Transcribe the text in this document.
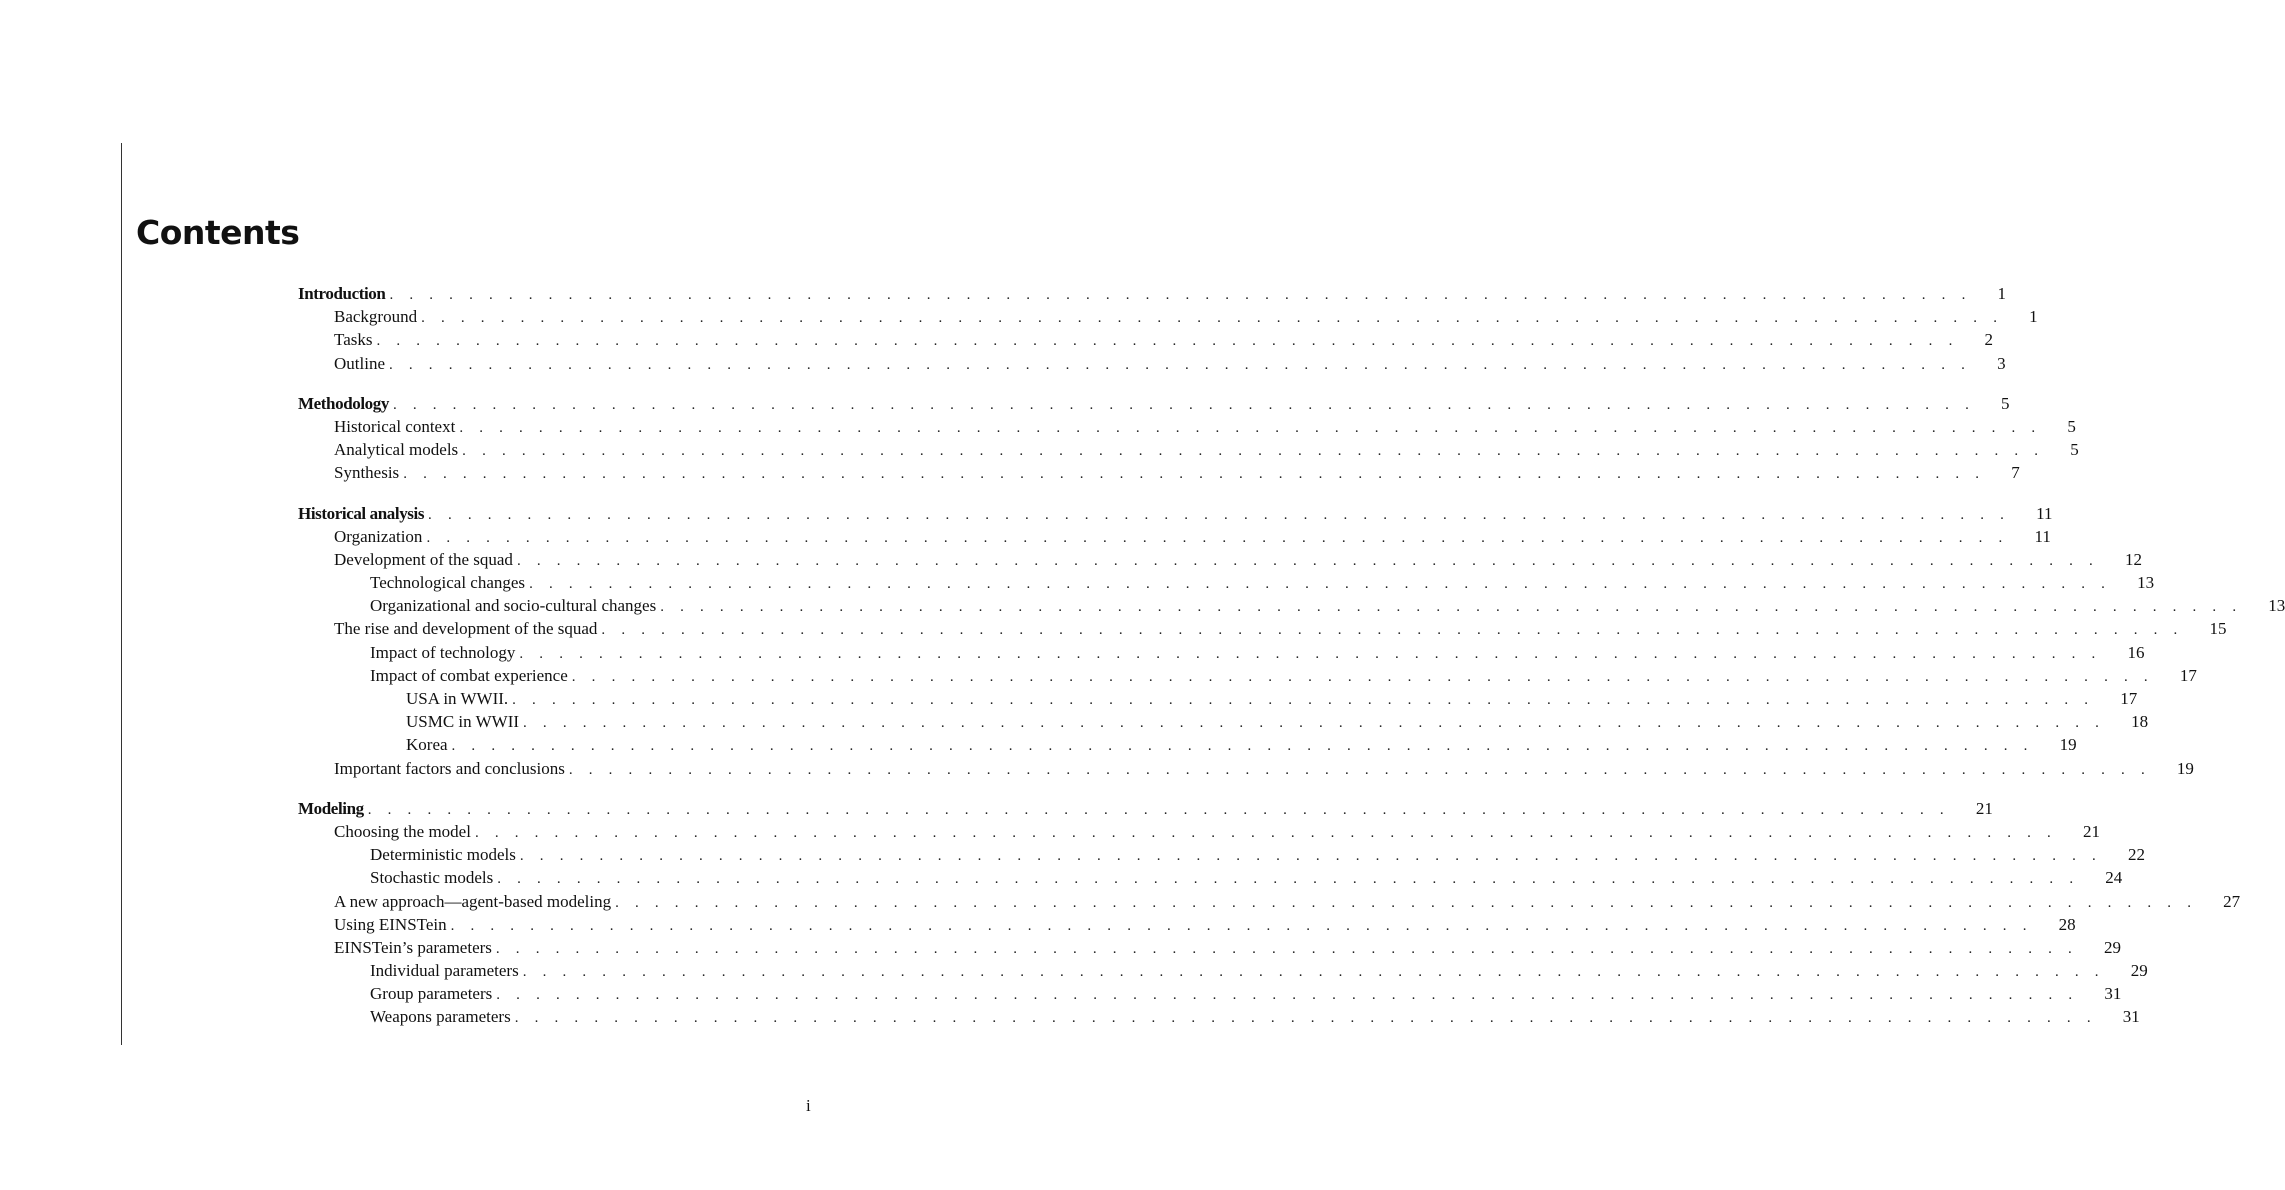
Contents
Introduction . . . . . . . . . . . . . . . . . . . . . . . . . . . . . . . . . . . . . . . . . . . . . . . . . . . . . . . . . . . . . . . . . . . . . . . . . . . . . . . . 1
Background . . . . . . . . . . . . . . . . . . . . . . . . . . . . . . . . . . . . . . . . . . . . . . . . . . . . . . . . . . . . . . . . . . . . . . . . . . . . . . . . 1
Tasks . . . . . . . . . . . . . . . . . . . . . . . . . . . . . . . . . . . . . . . . . . . . . . . . . . . . . . . . . . . . . . . . . . . . . . . . . . . . . . . . 2
Outline . . . . . . . . . . . . . . . . . . . . . . . . . . . . . . . . . . . . . . . . . . . . . . . . . . . . . . . . . . . . . . . . . . . . . . . . . . . . . . . . 3
Methodology . . . . . . . . . . . . . . . . . . . . . . . . . . . . . . . . . . . . . . . . . . . . . . . . . . . . . . . . . . . . . . . . . . . . . . . . . . . . . . . . 5
Historical context . . . . . . . . . . . . . . . . . . . . . . . . . . . . . . . . . . . . . . . . . . . . . . . . . . . . . . . . . . . . . . . . . . . . . . . . . . . . . . . . 5
Analytical models . . . . . . . . . . . . . . . . . . . . . . . . . . . . . . . . . . . . . . . . . . . . . . . . . . . . . . . . . . . . . . . . . . . . . . . . . . . . . . . . 5
Synthesis . . . . . . . . . . . . . . . . . . . . . . . . . . . . . . . . . . . . . . . . . . . . . . . . . . . . . . . . . . . . . . . . . . . . . . . . . . . . . . . . 7
Historical analysis . . . . . . . . . . . . . . . . . . . . . . . . . . . . . . . . . . . . . . . . . . . . . . . . . . . . . . . . . . . . . . . . . . . . . . . . . . . . . . . . 11
Organization . . . . . . . . . . . . . . . . . . . . . . . . . . . . . . . . . . . . . . . . . . . . . . . . . . . . . . . . . . . . . . . . . . . . . . . . . . . . . . . . 11
Development of the squad . . . . . . . . . . . . . . . . . . . . . . . . . . . . . . . . . . . . . . . . . . . . . . . . . . . . . . . . . . . . . . . . . . . . . . . . . . . . . . . . 12
Technological changes . . . . . . . . . . . . . . . . . . . . . . . . . . . . . . . . . . . . . . . . . . . . . . . . . . . . . . . . . . . . . . . . . . . . . . . . . . . . . . . . 13
Organizational and socio-cultural changes . . . . . . . . . . . . . . . . . . . . . . . . . . . . . . . . . . . . . . . . . . . . . . . . . . . . . . . . . . . . . . . . . . . . . . . . . . . . . . . . 13
The rise and development of the squad . . . . . . . . . . . . . . . . . . . . . . . . . . . . . . . . . . . . . . . . . . . . . . . . . . . . . . . . . . . . . . . . . . . . . . . . . . . . . . . . 15
Impact of technology . . . . . . . . . . . . . . . . . . . . . . . . . . . . . . . . . . . . . . . . . . . . . . . . . . . . . . . . . . . . . . . . . . . . . . . . . . . . . . . . 16
Impact of combat experience . . . . . . . . . . . . . . . . . . . . . . . . . . . . . . . . . . . . . . . . . . . . . . . . . . . . . . . . . . . . . . . . . . . . . . . . . . . . . . . . 17
USA in WWII. . . . . . . . . . . . . . . . . . . . . . . . . . . . . . . . . . . . . . . . . . . . . . . . . . . . . . . . . . . . . . . . . . . . . . . . . . . . . . . . . 17
USMC in WWII . . . . . . . . . . . . . . . . . . . . . . . . . . . . . . . . . . . . . . . . . . . . . . . . . . . . . . . . . . . . . . . . . . . . . . . . . . . . . . . . 18
Korea . . . . . . . . . . . . . . . . . . . . . . . . . . . . . . . . . . . . . . . . . . . . . . . . . . . . . . . . . . . . . . . . . . . . . . . . . . . . . . . . 19
Important factors and conclusions . . . . . . . . . . . . . . . . . . . . . . . . . . . . . . . . . . . . . . . . . . . . . . . . . . . . . . . . . . . . . . . . . . . . . . . . . . . . . . . . 19
Modeling . . . . . . . . . . . . . . . . . . . . . . . . . . . . . . . . . . . . . . . . . . . . . . . . . . . . . . . . . . . . . . . . . . . . . . . . . . . . . . . . 21
Choosing the model . . . . . . . . . . . . . . . . . . . . . . . . . . . . . . . . . . . . . . . . . . . . . . . . . . . . . . . . . . . . . . . . . . . . . . . . . . . . . . . . 21
Deterministic models . . . . . . . . . . . . . . . . . . . . . . . . . . . . . . . . . . . . . . . . . . . . . . . . . . . . . . . . . . . . . . . . . . . . . . . . . . . . . . . . 22
Stochastic models . . . . . . . . . . . . . . . . . . . . . . . . . . . . . . . . . . . . . . . . . . . . . . . . . . . . . . . . . . . . . . . . . . . . . . . . . . . . . . . . 24
A new approach—agent-based modeling . . . . . . . . . . . . . . . . . . . . . . . . . . . . . . . . . . . . . . . . . . . . . . . . . . . . . . . . . . . . . . . . . . . . . . . . . . . . . . . . 27
Using EINSTein . . . . . . . . . . . . . . . . . . . . . . . . . . . . . . . . . . . . . . . . . . . . . . . . . . . . . . . . . . . . . . . . . . . . . . . . . . . . . . . . 28
EINSTein’s parameters . . . . . . . . . . . . . . . . . . . . . . . . . . . . . . . . . . . . . . . . . . . . . . . . . . . . . . . . . . . . . . . . . . . . . . . . . . . . . . . . 29
Individual parameters . . . . . . . . . . . . . . . . . . . . . . . . . . . . . . . . . . . . . . . . . . . . . . . . . . . . . . . . . . . . . . . . . . . . . . . . . . . . . . . . 29
Group parameters . . . . . . . . . . . . . . . . . . . . . . . . . . . . . . . . . . . . . . . . . . . . . . . . . . . . . . . . . . . . . . . . . . . . . . . . . . . . . . . . 31
Weapons parameters . . . . . . . . . . . . . . . . . . . . . . . . . . . . . . . . . . . . . . . . . . . . . . . . . . . . . . . . . . . . . . . . . . . . . . . . . . . . . . . . 31
i
